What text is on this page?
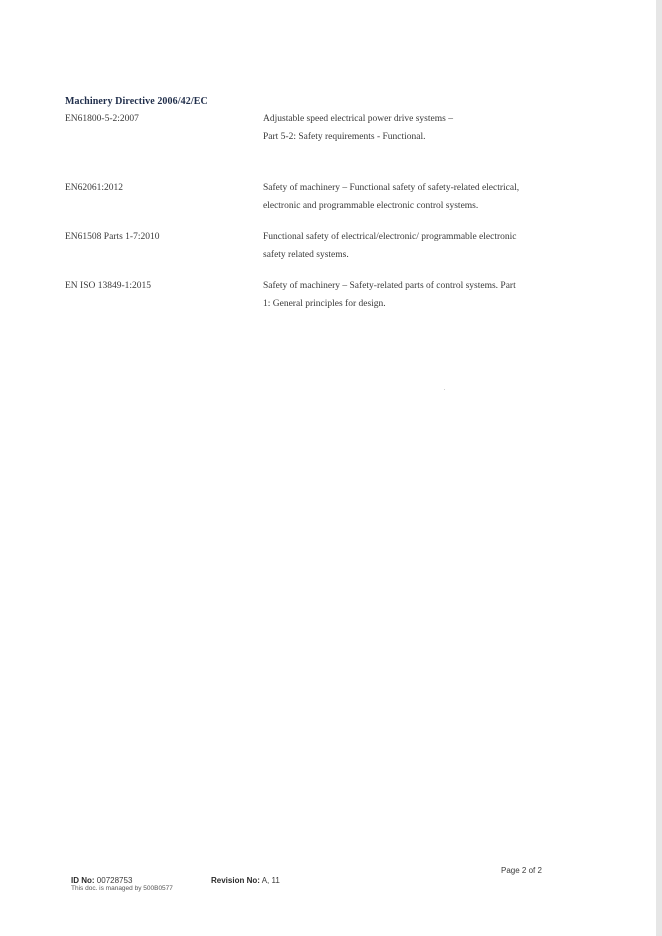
Machinery Directive 2006/42/EC
EN61800-5-2:2007	Adjustable speed electrical power drive systems –
Part 5-2: Safety requirements - Functional.
EN62061:2012	Safety of machinery – Functional safety of safety-related electrical,
electronic and programmable electronic control systems.
EN61508 Parts 1-7:2010	Functional safety of electrical/electronic/ programmable electronic
safety related systems.
EN ISO 13849-1:2015	Safety of machinery – Safety-related parts of control systems. Part
1: General principles for design.
Page 2 of 2
ID No: 00728753
This doc. is managed by 500B0577
Revision No: A, 11
